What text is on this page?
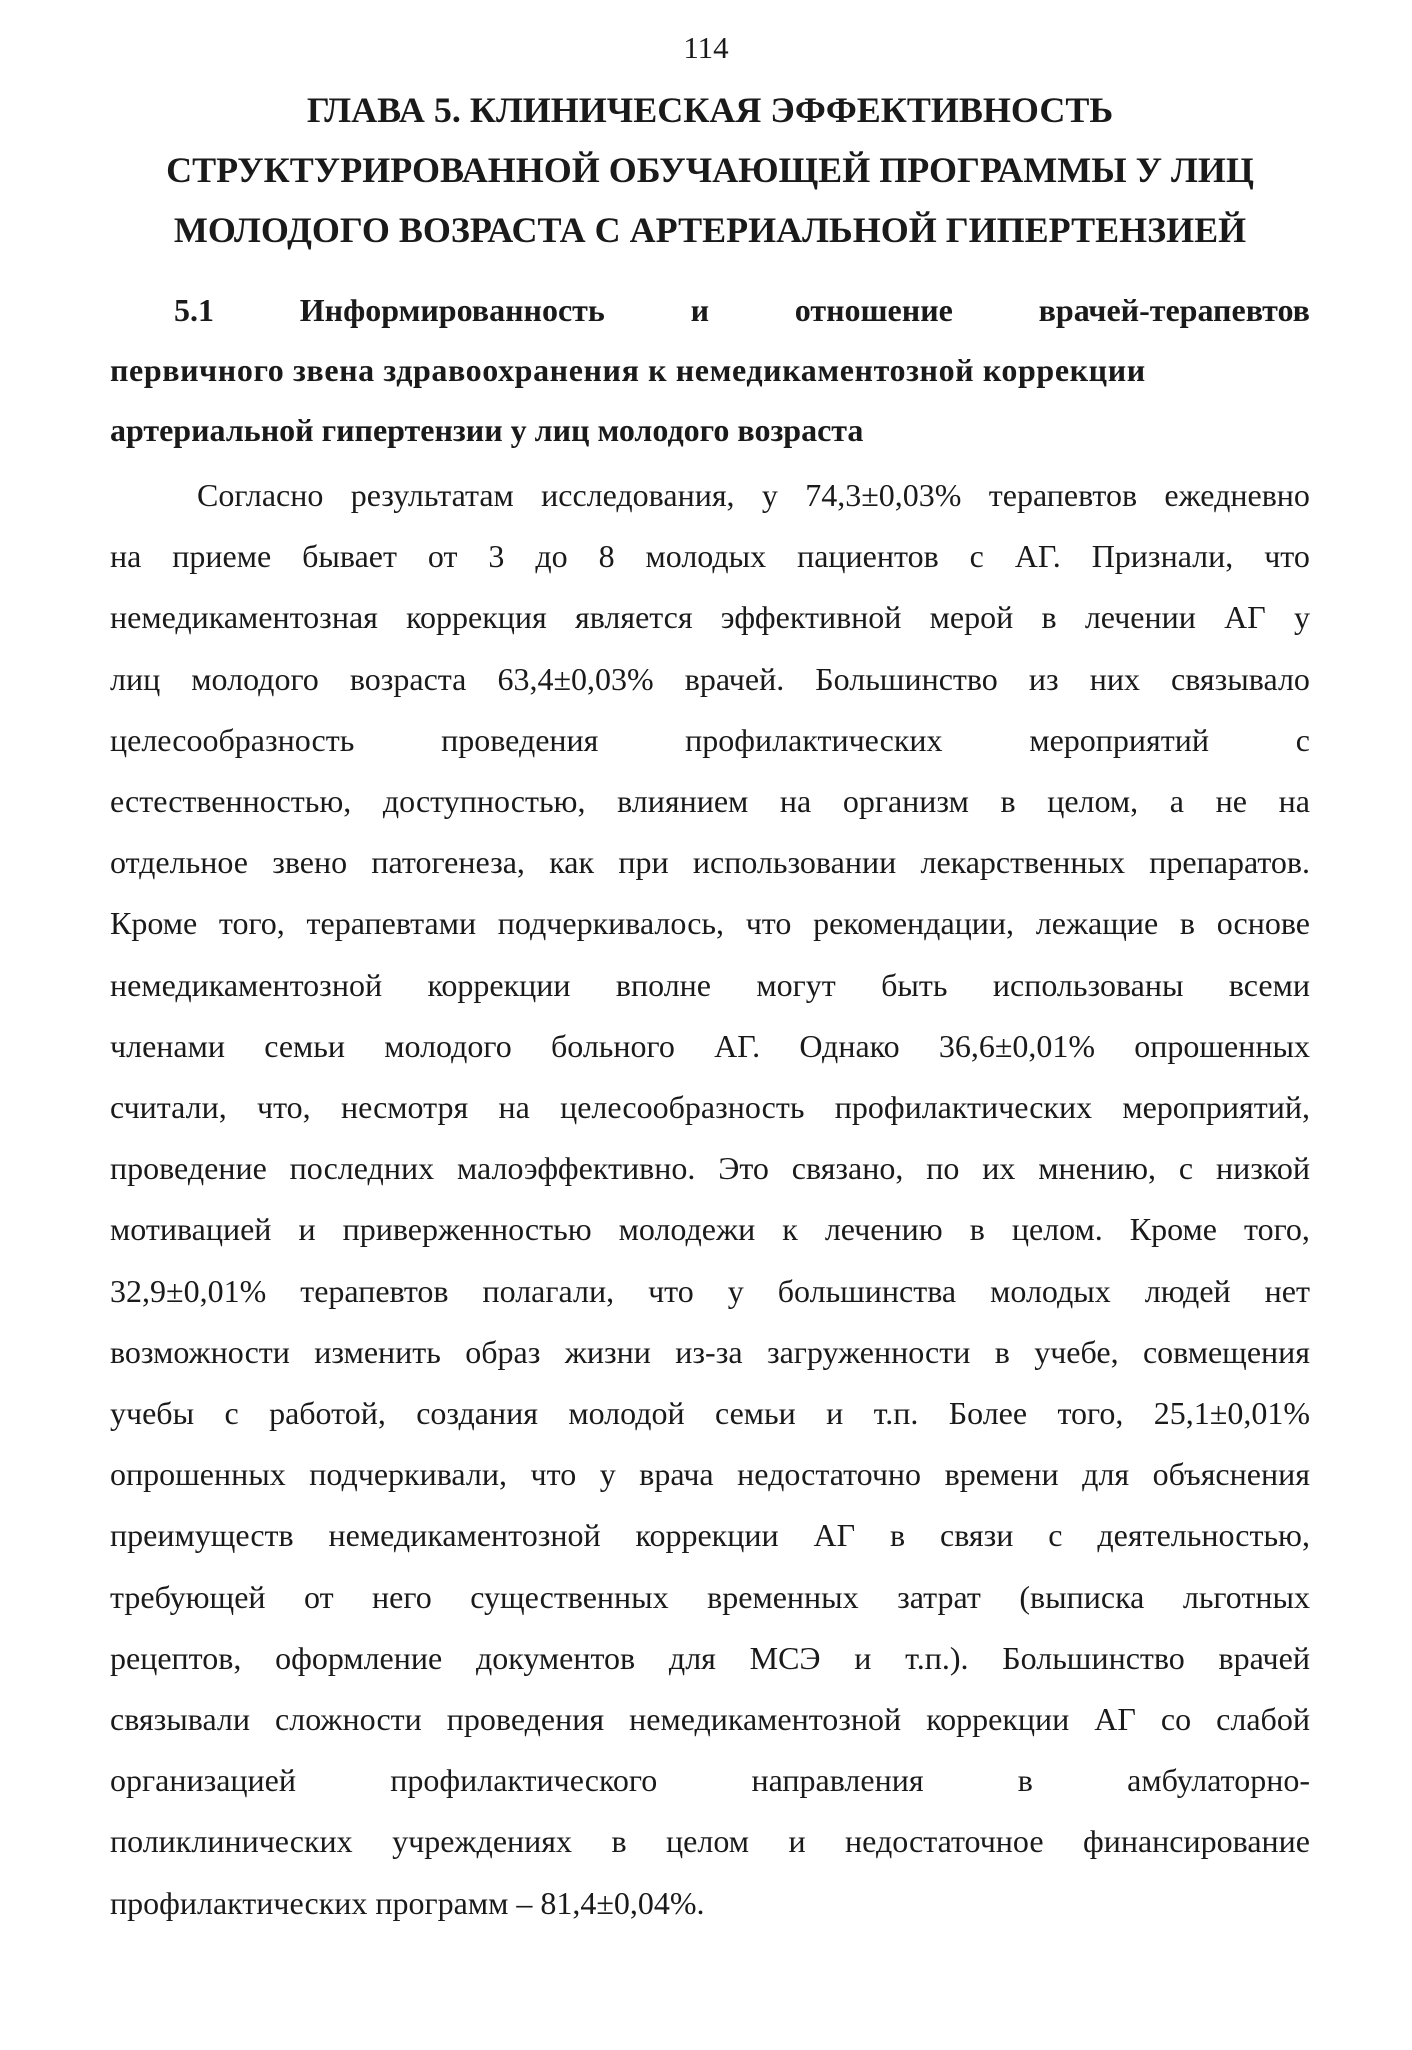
114
ГЛАВА 5. КЛИНИЧЕСКАЯ ЭФФЕКТИВНОСТЬ
СТРУКТУРИРОВАННОЙ ОБУЧАЮЩЕЙ ПРОГРАММЫ У ЛИЦ
МОЛОДОГО ВОЗРАСТА С АРТЕРИАЛЬНОЙ ГИПЕРТЕНЗИЕЙ
5.1	Информированность	и	отношение	врачей-терапевтов
первичного звена здравоохранения к немедикаментозной коррекции
артериальной гипертензии у лиц молодого возраста
Согласно результатам исследования, у 74,3±0,03% терапевтов ежедневно
на приеме бывает от 3 до 8 молодых пациентов с АГ. Признали, что
немедикаментозная коррекция является эффективной мерой в лечении АГ у
лиц молодого возраста 63,4±0,03% врачей. Большинство из них связывало
целесообразность	проведения	профилактических	мероприятий	с
естественностью, доступностью, влиянием на организм в целом, а не на
отдельное звено патогенеза, как при использовании лекарственных препаратов.
Кроме того, терапевтами подчеркивалось, что рекомендации, лежащие в основе
немедикаментозной коррекции вполне могут быть использованы всеми
членами семьи молодого больного АГ. Однако 36,6±0,01% опрошенных
считали, что, несмотря на целесообразность профилактических мероприятий,
проведение последних малоэффективно. Это связано, по их мнению, с низкой
мотивацией и приверженностью молодежи к лечению в целом. Кроме того,
32,9±0,01% терапевтов полагали, что у большинства молодых людей нет
возможности изменить образ жизни из-за загруженности в учебе, совмещения
учебы с работой, создания молодой семьи и т.п. Более того, 25,1±0,01%
опрошенных подчеркивали, что у врача недостаточно времени для объяснения
преимуществ немедикаментозной коррекции АГ в связи с деятельностью,
требующей от него существенных временных затрат (выписка льготных
рецептов, оформление документов для МСЭ и т.п.). Большинство врачей
связывали сложности проведения немедикаментозной коррекции АГ со слабой
организацией	профилактического	направления	в	амбулаторно-
поликлинических учреждениях в целом и недостаточное финансирование
профилактических программ – 81,4±0,04%.
